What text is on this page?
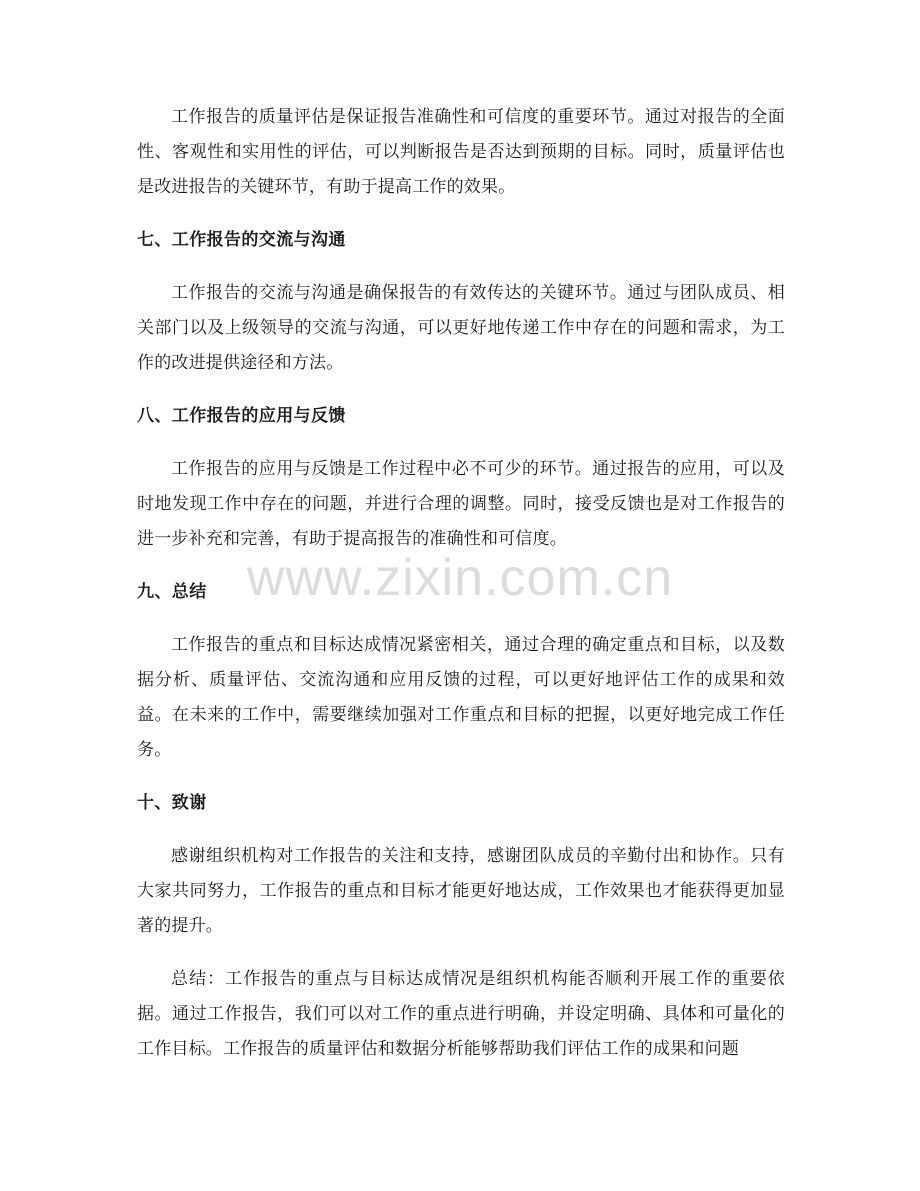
工作报告的质量评估是保证报告准确性和可信度的重要环节。通过对报告的全面性、客观性和实用性的评估，可以判断报告是否达到预期的目标。同时，质量评估也是改进报告的关键环节，有助于提高工作的效果。

七、工作报告的交流与沟通

工作报告的交流与沟通是确保报告的有效传达的关键环节。通过与团队成员、相关部门以及上级领导的交流与沟通，可以更好地传递工作中存在的问题和需求，为工作的改进提供途径和方法。

八、工作报告的应用与反馈

工作报告的应用与反馈是工作过程中必不可少的环节。通过报告的应用，可以及时地发现工作中存在的问题，并进行合理的调整。同时，接受反馈也是对工作报告的进一步补充和完善，有助于提高报告的准确性和可信度。

九、总结

工作报告的重点和目标达成情况紧密相关，通过合理的确定重点和目标，以及数据分析、质量评估、交流沟通和应用反馈的过程，可以更好地评估工作的成果和效益。在未来的工作中，需要继续加强对工作重点和目标的把握，以更好地完成工作任务。

十、致谢

感谢组织机构对工作报告的关注和支持，感谢团队成员的辛勤付出和协作。只有大家共同努力，工作报告的重点和目标才能更好地达成，工作效果也才能获得更加显著的提升。

总结：工作报告的重点与目标达成情况是组织机构能否顺利开展工作的重要依据。通过工作报告，我们可以对工作的重点进行明确，并设定明确、具体和可量化的工作目标。工作报告的质量评估和数据分析能够帮助我们评估工作的成果和问题

www.zixin.com.cn
